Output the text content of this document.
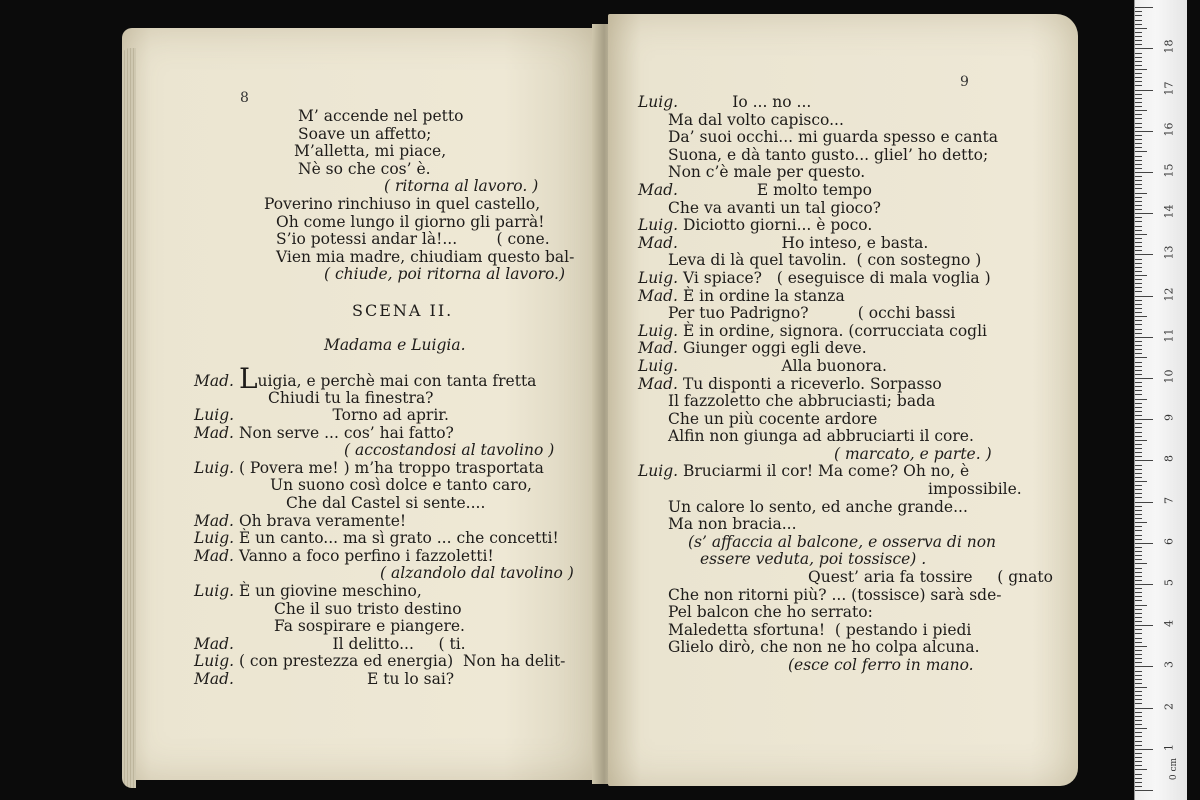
8
M’ accende nel petto
Soave un affetto;
M’alletta, mi piace,
Nè so che cos’ è.
( ritorna al lavoro. )
Poverino rinchiuso in quel castello,
Oh come lungo il giorno gli parrà!
S’io potessi andar là!...        ( cone.
Vien mia madre, chiudiam questo bal-
( chiude, poi ritorna al lavoro.)
SCENA II.
Madama e Luigia.
Mad. Luigia, e perchè mai con tanta fretta
Chiudi tu la finestra?
Luig.                    Torno ad aprir.
Mad. Non serve ... cos’ hai fatto?
( accostandosi al tavolino )
Luig. ( Povera me! ) m’ha troppo trasportata
Un suono così dolce e tanto caro,
Che dal Castel si sente....
Mad. Oh brava veramente!
Luig. È un canto... ma sì grato ... che concetti!
Mad. Vanno a foco perfino i fazzoletti!
( alzandolo dal tavolino )
Luig. È un giovine meschino,
Che il suo tristo destino
Fa sospirare e piangere.
Mad.                    Il delitto...     ( ti.
Luig. ( con prestezza ed energia)  Non ha delit-
Mad.                           E tu lo sai?
9
Luig.           Io ... no ...
Ma dal volto capisco...
Da’ suoi occhi... mi guarda spesso e canta
Suona, e dà tanto gusto... gliel’ ho detto;
Non c’è male per questo.
Mad.                E molto tempo
Che va avanti un tal gioco?
Luig. Diciotto giorni... è poco.
Mad.                     Ho inteso, e basta.
Leva di là quel tavolin.  ( con sostegno )
Luig. Vi spiace?   ( eseguisce di mala voglia )
Mad. È in ordine la stanza
Per tuo Padrigno?          ( occhi bassi
Luig. È in ordine, signora. (corrucciata cogli
Mad. Giunger oggi egli deve.
Luig.                     Alla buonora.
Mad. Tu disponti a riceverlo. Sorpasso
Il fazzoletto che abbruciasti; bada
Che un più cocente ardore
Alfin non giunga ad abbruciarti il core.
( marcato, e parte. )
Luig. Bruciarmi il cor! Ma come? Oh no, è
impossibile.
Un calore lo sento, ed anche grande...
Ma non bracia...
(s’ affaccia al balcone, e osserva di non
essere veduta, poi tossisce) .
Quest’ aria fa tossire     ( gnato
Che non ritorni più? ... (tossisce) sarà sde-
Pel balcon che ho serrato:
Maledetta sfortuna!  ( pestando i piedi
Glielo dirò, che non ne ho colpa alcuna.
(esce col ferro in mano.
0 cm
1
2
3
4
5
6
7
8
9
10
11
12
13
14
15
16
17
18
